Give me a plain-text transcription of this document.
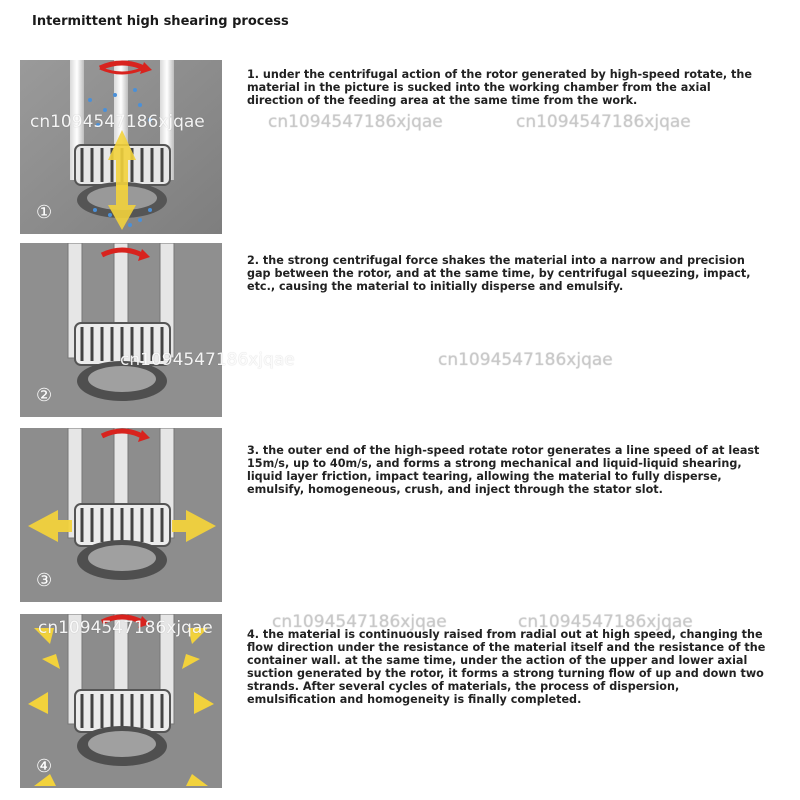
Intermittent high shearing process
①
1. under the centrifugal action of the rotor generated by high-speed rotate, the material in the picture is sucked into the working chamber from the axial direction of the feeding area at the same time from the work.
②
2. the strong centrifugal force shakes the material into a narrow and precision gap between the rotor, and at the same time, by centrifugal squeezing, impact, etc., causing the material to initially disperse and emulsify.
③
3. the outer end of the high-speed rotate rotor generates a line speed of at least 15m/s, up to 40m/s, and forms a strong mechanical and liquid-liquid shearing, liquid layer friction, impact tearing, allowing the material to fully disperse, emulsify, homogeneous, crush, and inject through the stator slot.
④
4. the material is continuously raised from radial out at high speed, changing the flow direction under the resistance of the material itself and the resistance of the container wall. at the same time, under the action of the upper and lower axial suction generated by the rotor, it forms a strong turning flow of up and down two strands. After several cycles of materials, the process of dispersion, emulsification and homogeneity is finally completed.
cn1094547186xjqae	cn1094547186xjqae	cn1094547186xjqae
cn1094547186xjqae	cn1094547186xjqae
cn1094547186xjqae	cn1094547186xjqae	cn1094547186xjqae
